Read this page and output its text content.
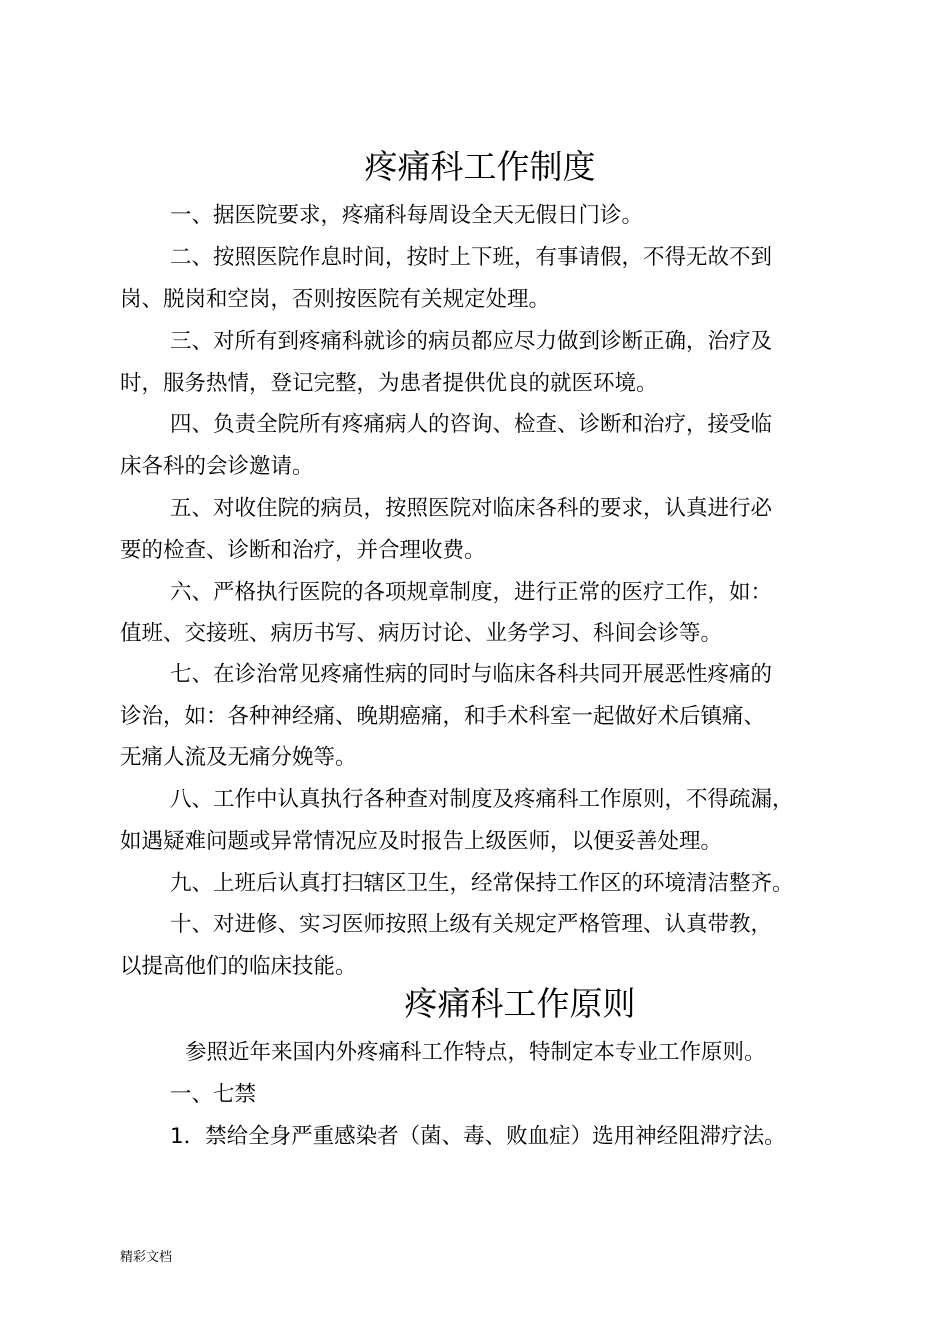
疼痛科工作制度

一、据医院要求，疼痛科每周设全天无假日门诊。

二、按照医院作息时间，按时上下班，有事请假，不得无故不到

岗、脱岗和空岗，否则按医院有关规定处理。

三、对所有到疼痛科就诊的病员都应尽力做到诊断正确，治疗及

时，服务热情，登记完整，为患者提供优良的就医环境。

四、负责全院所有疼痛病人的咨询、检查、诊断和治疗，接受临

床各科的会诊邀请。

五、对收住院的病员，按照医院对临床各科的要求，认真进行必

要的检查、诊断和治疗，并合理收费。

六、严格执行医院的各项规章制度，进行正常的医疗工作，如：

值班、交接班、病历书写、病历讨论、业务学习、科间会诊等。

七、在诊治常见疼痛性病的同时与临床各科共同开展恶性疼痛的

诊治，如：各种神经痛、晚期癌痛，和手术科室一起做好术后镇痛、

无痛人流及无痛分娩等。

八、工作中认真执行各种查对制度及疼痛科工作原则，不得疏漏，

如遇疑难问题或异常情况应及时报告上级医师，以便妥善处理。

九、上班后认真打扫辖区卫生，经常保持工作区的环境清洁整齐。

十、对进修、实习医师按照上级有关规定严格管理、认真带教，

以提高他们的临床技能。

疼痛科工作原则

参照近年来国内外疼痛科工作特点，特制定本专业工作原则。

一、七禁

1．禁给全身严重感染者（菌、毒、败血症）选用神经阻滞疗法。

精彩文档
